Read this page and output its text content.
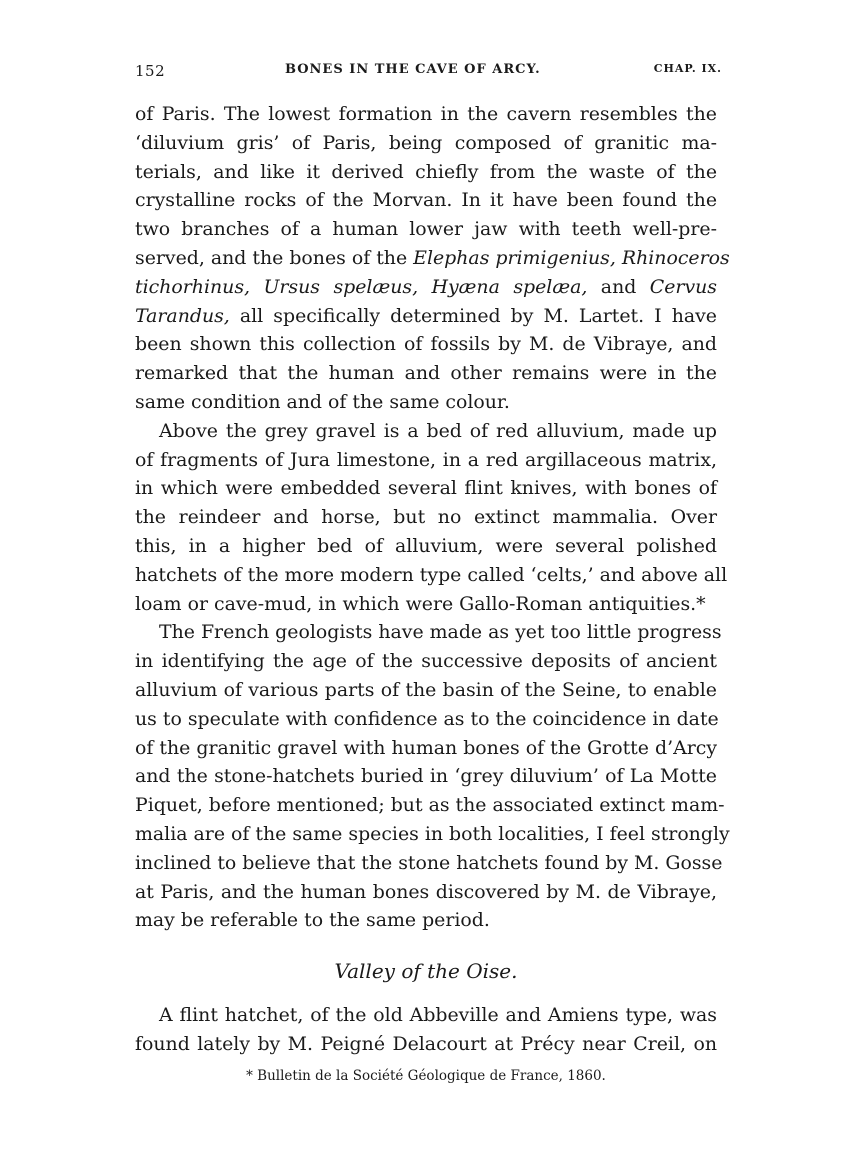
152	BONES IN THE CAVE OF ARCY.	CHAP. IX.
of Paris. The lowest formation in the cavern resembles the
‘diluvium gris’ of Paris, being composed of granitic ma-
terials, and like it derived chiefly from the waste of the
crystalline rocks of the Morvan. In it have been found the
two branches of a human lower jaw with teeth well-pre-
served, and the bones of the Elephas primigenius, Rhinoceros
tichorhinus, Ursus spelæus, Hyæna spelæa, and Cervus
Tarandus, all specifically determined by M. Lartet. I have
been shown this collection of fossils by M. de Vibraye, and
remarked that the human and other remains were in the
same condition and of the same colour.
Above the grey gravel is a bed of red alluvium, made up
of fragments of Jura limestone, in a red argillaceous matrix,
in which were embedded several flint knives, with bones of
the reindeer and horse, but no extinct mammalia. Over
this, in a higher bed of alluvium, were several polished
hatchets of the more modern type called ‘celts,’ and above all
loam or cave-mud, in which were Gallo-Roman antiquities.*
The French geologists have made as yet too little progress
in identifying the age of the successive deposits of ancient
alluvium of various parts of the basin of the Seine, to enable
us to speculate with confidence as to the coincidence in date
of the granitic gravel with human bones of the Grotte d’Arcy
and the stone-hatchets buried in ‘grey diluvium’ of La Motte
Piquet, before mentioned; but as the associated extinct mam-
malia are of the same species in both localities, I feel strongly
inclined to believe that the stone hatchets found by M. Gosse
at Paris, and the human bones discovered by M. de Vibraye,
may be referable to the same period.
Valley of the Oise.
A flint hatchet, of the old Abbeville and Amiens type, was
found lately by M. Peigné Delacourt at Précy near Creil, on
* Bulletin de la Société Géologique de France, 1860.
